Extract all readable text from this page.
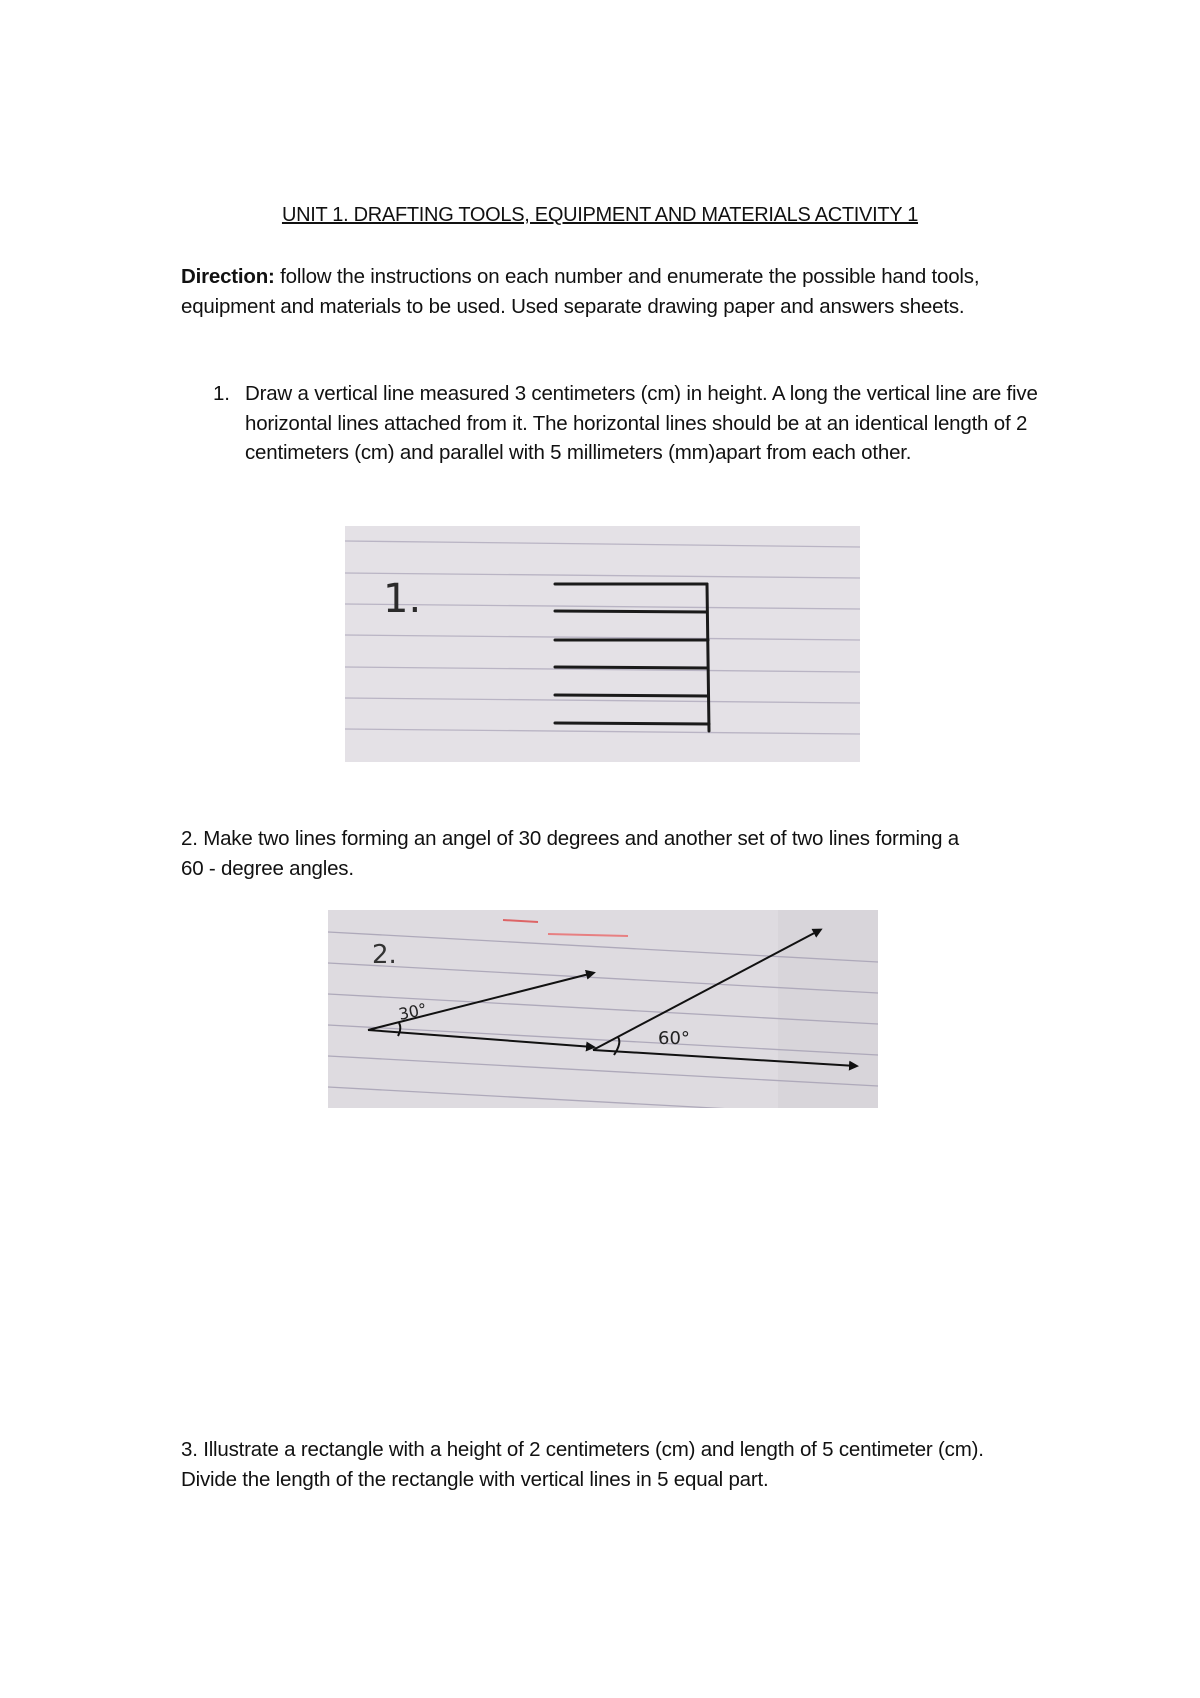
UNIT 1. DRAFTING TOOLS, EQUIPMENT AND MATERIALS ACTIVITY 1
Direction: follow the instructions on each number and enumerate the possible hand tools, equipment and materials to be used. Used separate drawing paper and answers sheets.
1. Draw a vertical line measured 3 centimeters (cm) in height. A long the vertical line are five horizontal lines attached from it. The horizontal lines should be at an identical length of 2 centimeters (cm) and parallel with 5 millimeters (mm)apart from each other.
1.
2. Make two lines forming an angel of 30 degrees and another set of two lines forming a 60 - degree angles.
2.
30°
60°
3. Illustrate a rectangle with a height of 2 centimeters (cm) and length of 5 centimeter (cm). Divide the length of the rectangle with vertical lines in 5 equal part.
